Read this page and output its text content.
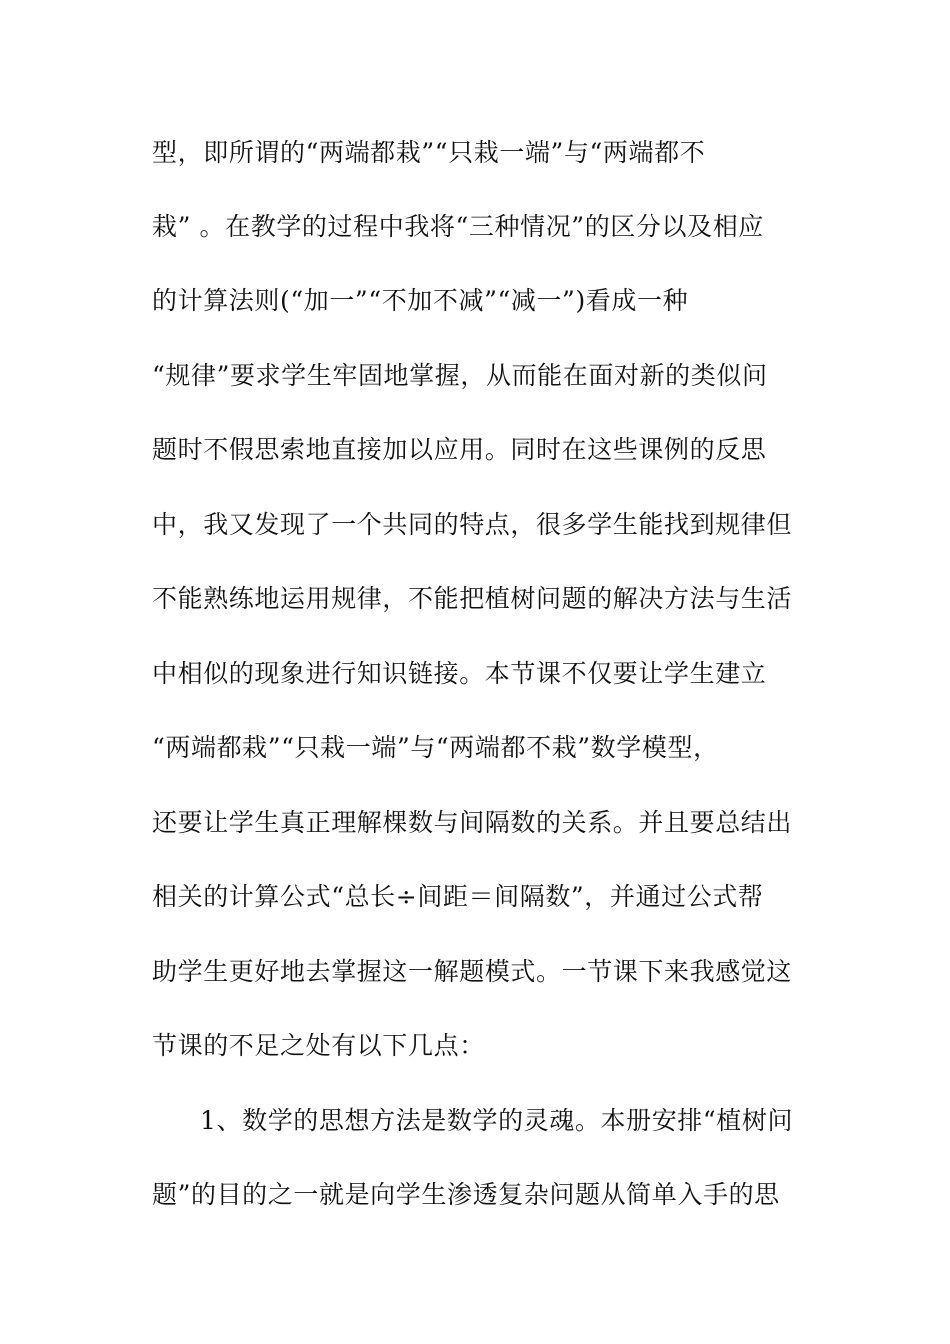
型，即所谓的“两端都栽”“只栽一端”与“两端都不
栽” 。在教学的过程中我将“三种情况”的区分以及相应
的计算法则(“加一”“不加不减”“减一”)看成一种
“规律”要求学生牢固地掌握，从而能在面对新的类似问
题时不假思索地直接加以应用。同时在这些课例的反思
中，我又发现了一个共同的特点，很多学生能找到规律但
不能熟练地运用规律，不能把植树问题的解决方法与生活
中相似的现象进行知识链接。本节课不仅要让学生建立
“两端都栽”“只栽一端”与“两端都不栽”数学模型，
还要让学生真正理解棵数与间隔数的关系。并且要总结出
相关的计算公式“总长÷间距＝间隔数”，并通过公式帮
助学生更好地去掌握这一解题模式。一节课下来我感觉这
节课的不足之处有以下几点：
1、数学的思想方法是数学的灵魂。本册安排“植树问
题”的目的之一就是向学生渗透复杂问题从简单入手的思
